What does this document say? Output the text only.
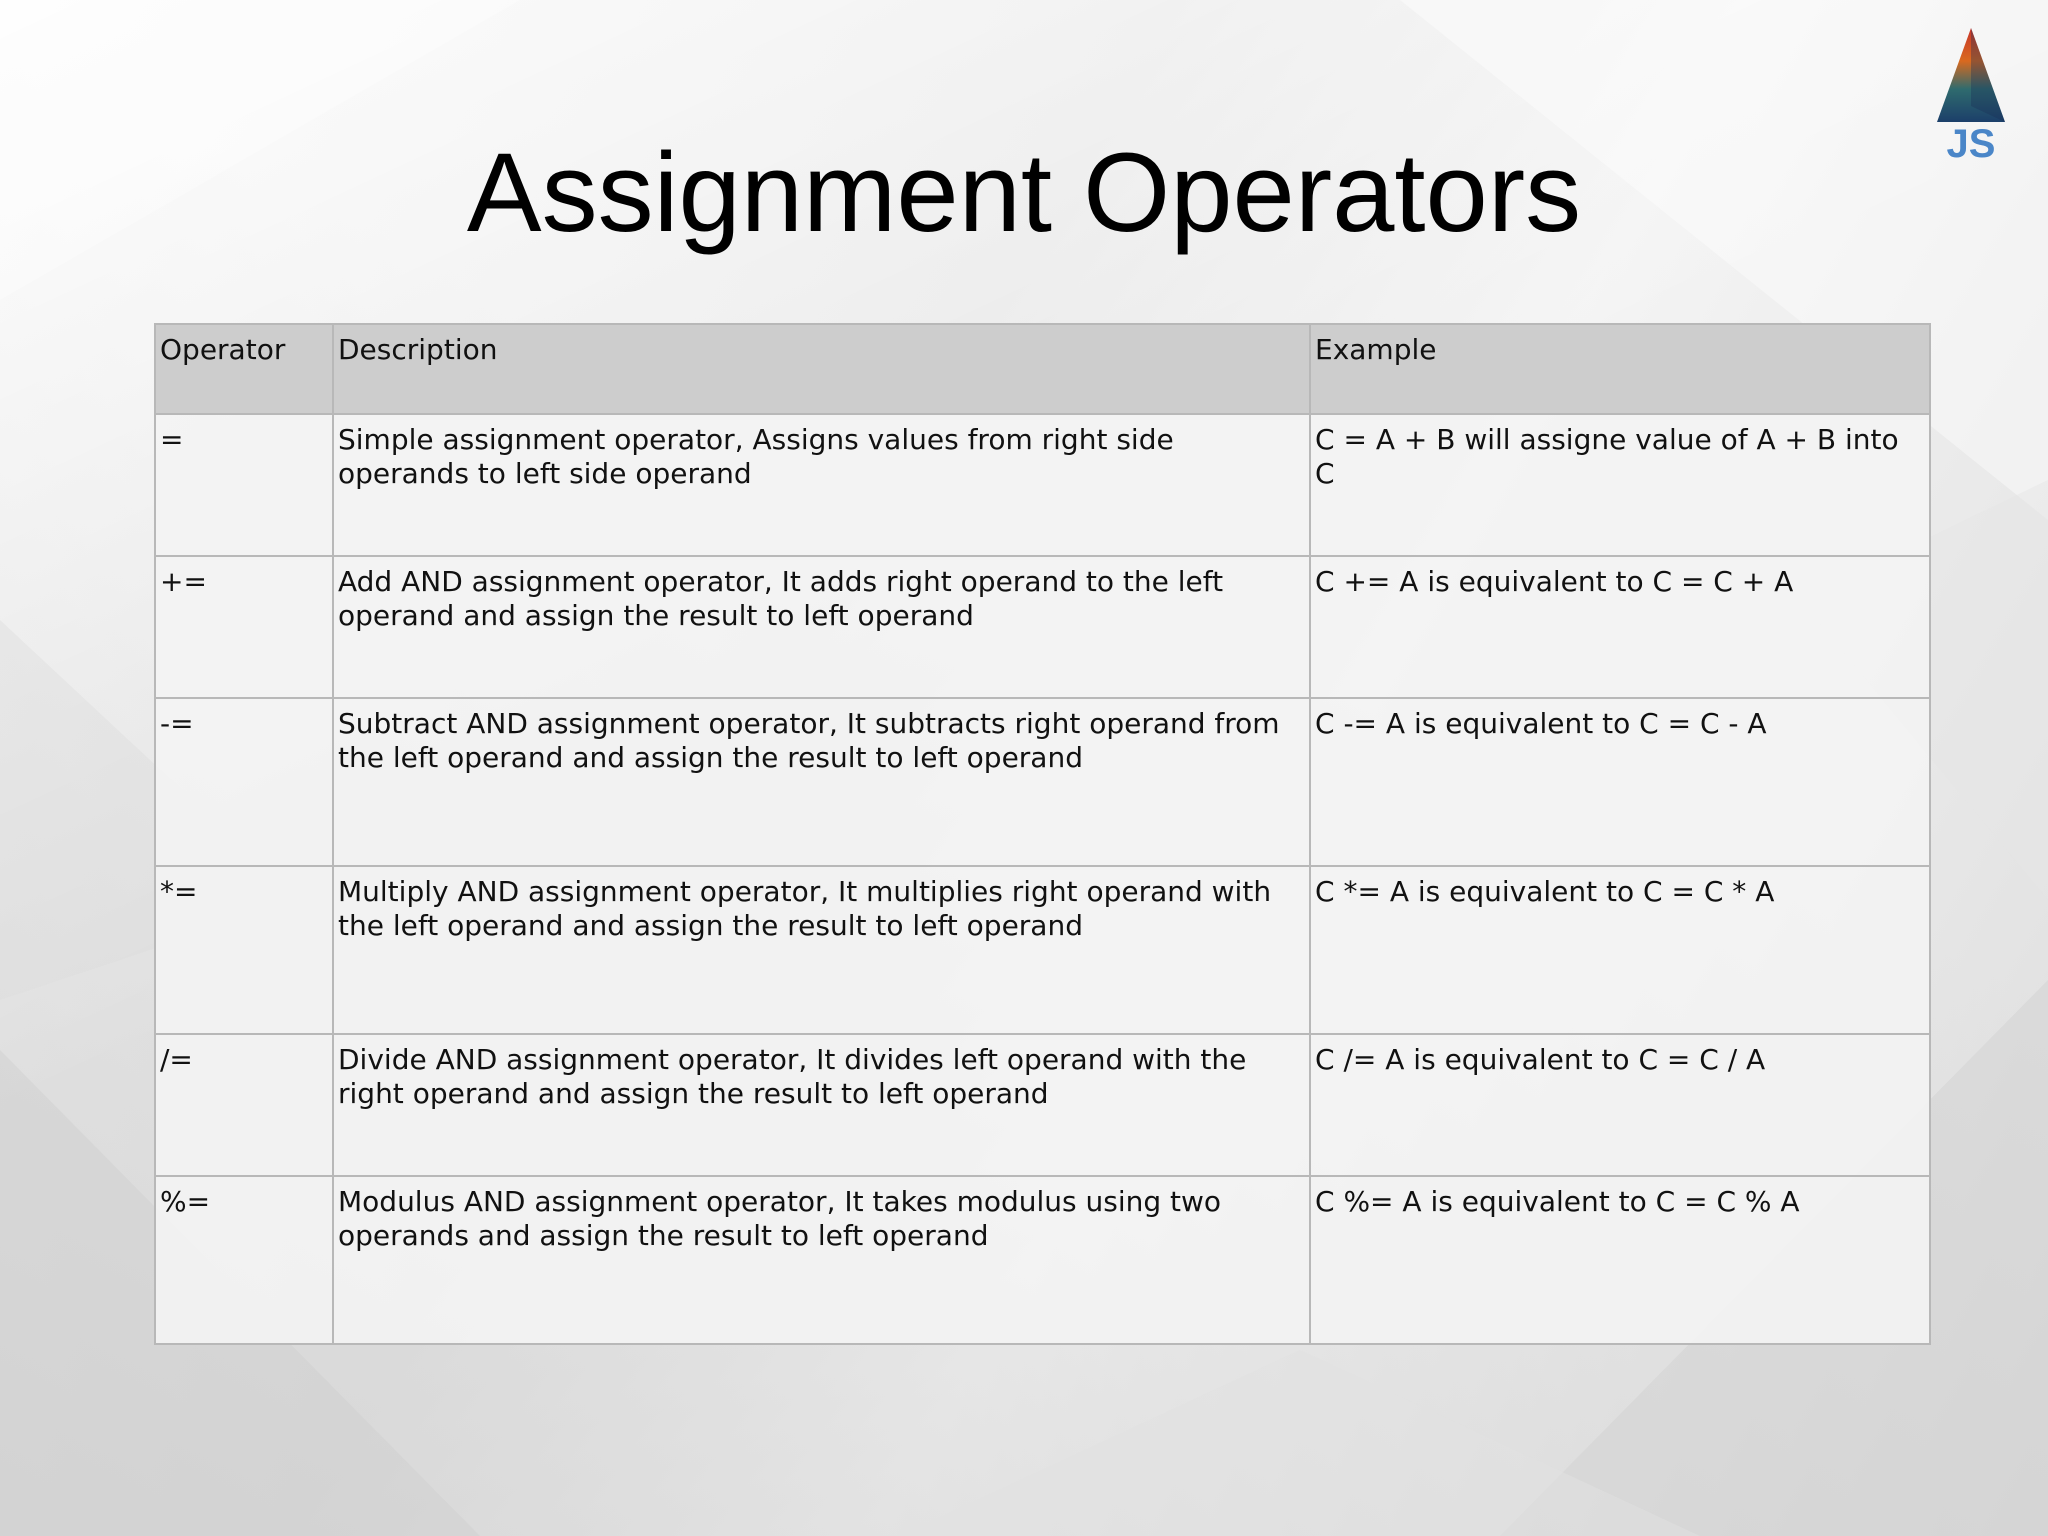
JS
Assignment Operators
Operator	Description	Example
=	Simple assignment operator, Assigns values from right side operands to left side operand	C = A + B will assigne value of A + B into C
+=	Add AND assignment operator, It adds right operand to the left operand and assign the result to left operand	C += A is equivalent to C = C + A
-=	Subtract AND assignment operator, It subtracts right operand from the left operand and assign the result to left operand	C -= A is equivalent to C = C - A
*=	Multiply AND assignment operator, It multiplies right operand with the left operand and assign the result to left operand	C *= A is equivalent to C = C * A
/=	Divide AND assignment operator, It divides left operand with the right operand and assign the result to left operand	C /= A is equivalent to C = C / A
%=	Modulus AND assignment operator, It takes modulus using two operands and assign the result to left operand	C %= A is equivalent to C = C % A
